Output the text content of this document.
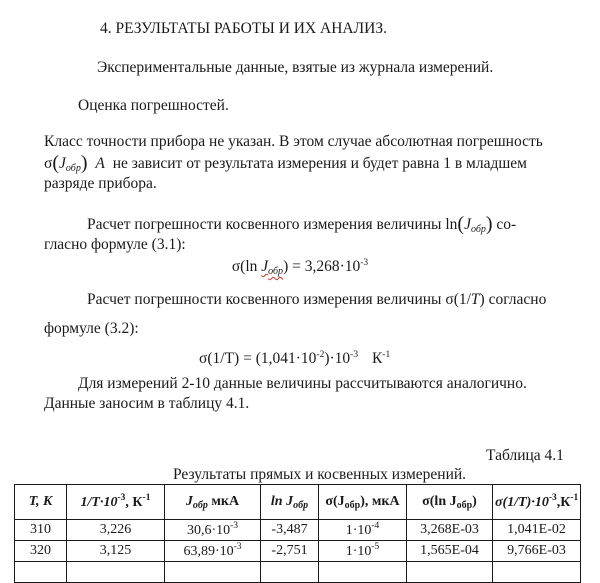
4. РЕЗУЛЬТАТЫ РАБОТЫ И ИХ АНАЛИЗ.
Экспериментальные данные, взятые из журнала измерений.
Оценка погрешностей.
Класс точности прибора не указан. В этом случае абсолютная погрешность
$\sigma(J_{обр})$ A не зависит от результата измерения и будет равна 1 в младшем
разряде прибора.
Расчет погрешности косвенного измерения величины $\ln(J_{обр})$ со-
гласно формуле (3.1):
σ(ln $J_{обр}) = 3,268\cdot 10^{-3}$
Расчет погрешности косвенного измерения величины σ(1/T) согласно
формуле (3.2):
$\sigma(1/T) = (1,041\cdot 10^{-2})\cdot 10^{-3}$ $К^{-1}$
Для измерений 2-10 данные величины рассчитываются аналогично.
Данные заносим в таблицу 4.1.
Таблица 4.1
Результаты прямых и косвенных измерений.
T, K	$1/T\cdot 10^{-3}$, $К^{-1}$	$J_{обр}$ мкА	$\ln J_{обр}$	$\sigma(J_{обр})$, мкА	σ(ln $J_{обр}$)	$\sigma(1/T)\cdot 10^{-3},К^{-1}$
310	3,226	$30,6\cdot 10^{-3}$	-3,487	$1\cdot 10^{-4}$	3,268E-03	1,041E-02
320	3,125	$63,89\cdot 10^{-3}$	-2,751	$1\cdot 10^{-5}$	1,565E-04	9,766E-03
